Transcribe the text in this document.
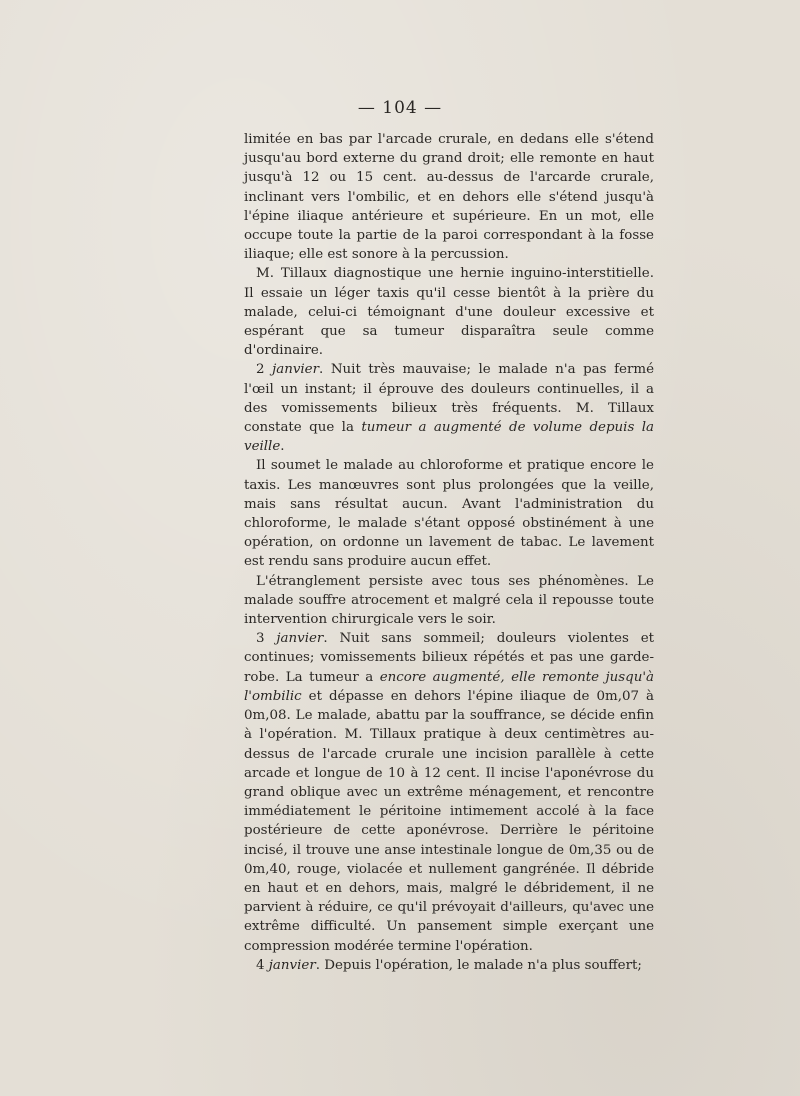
— 104 —

limitée en bas par l'arcade crurale, en dedans elle s'étend jusqu'au bord externe du grand droit; elle remonte en haut jusqu'à 12 ou 15 cent. au-dessus de l'arcarde crurale, inclinant vers l'ombilic, et en dehors elle s'étend jusqu'à l'épine iliaque antérieure et supérieure. En un mot, elle occupe toute la partie de la paroi correspondant à la fosse iliaque; elle est sonore à la percussion.

M. Tillaux diagnostique une hernie inguino-interstitielle. Il essaie un léger taxis qu'il cesse bientôt à la prière du malade, celui-ci témoignant d'une douleur excessive et espérant que sa tumeur disparaîtra seule comme d'ordinaire.

2 janvier. Nuit très mauvaise; le malade n'a pas fermé l'œil un instant; il éprouve des douleurs continuelles, il a des vomissements bilieux très fréquents. M. Tillaux constate que la tumeur a augmenté de volume depuis la veille.

Il soumet le malade au chloroforme et pratique encore le taxis. Les manœuvres sont plus prolongées que la veille, mais sans résultat aucun. Avant l'administration du chloroforme, le malade s'étant opposé obstinément à une opération, on ordonne un lavement de tabac. Le lavement est rendu sans produire aucun effet.

L'étranglement persiste avec tous ses phénomènes. Le malade souffre atrocement et malgré cela il repousse toute intervention chirurgicale vers le soir.

3 janvier. Nuit sans sommeil; douleurs violentes et continues; vomissements bilieux répétés et pas une garde-robe. La tumeur a encore augmenté, elle remonte jusqu'à l'ombilic et dépasse en dehors l'épine iliaque de 0m,07 à 0m,08. Le malade, abattu par la souffrance, se décide enfin à l'opération. M. Tillaux pratique à deux centimètres au-dessus de l'arcade crurale une incision parallèle à cette arcade et longue de 10 à 12 cent. Il incise l'aponévrose du grand oblique avec un extrême ménagement, et rencontre immédiatement le péritoine intimement accolé à la face postérieure de cette aponévrose. Derrière le péritoine incisé, il trouve une anse intestinale longue de 0m,35 ou de 0m,40, rouge, violacée et nullement gangrénée. Il débride en haut et en dehors, mais, malgré le débridement, il ne parvient à réduire, ce qu'il prévoyait d'ailleurs, qu'avec une extrême difficulté. Un pansement simple exerçant une compression modérée termine l'opération.

4 janvier. Depuis l'opération, le malade n'a plus souffert;
